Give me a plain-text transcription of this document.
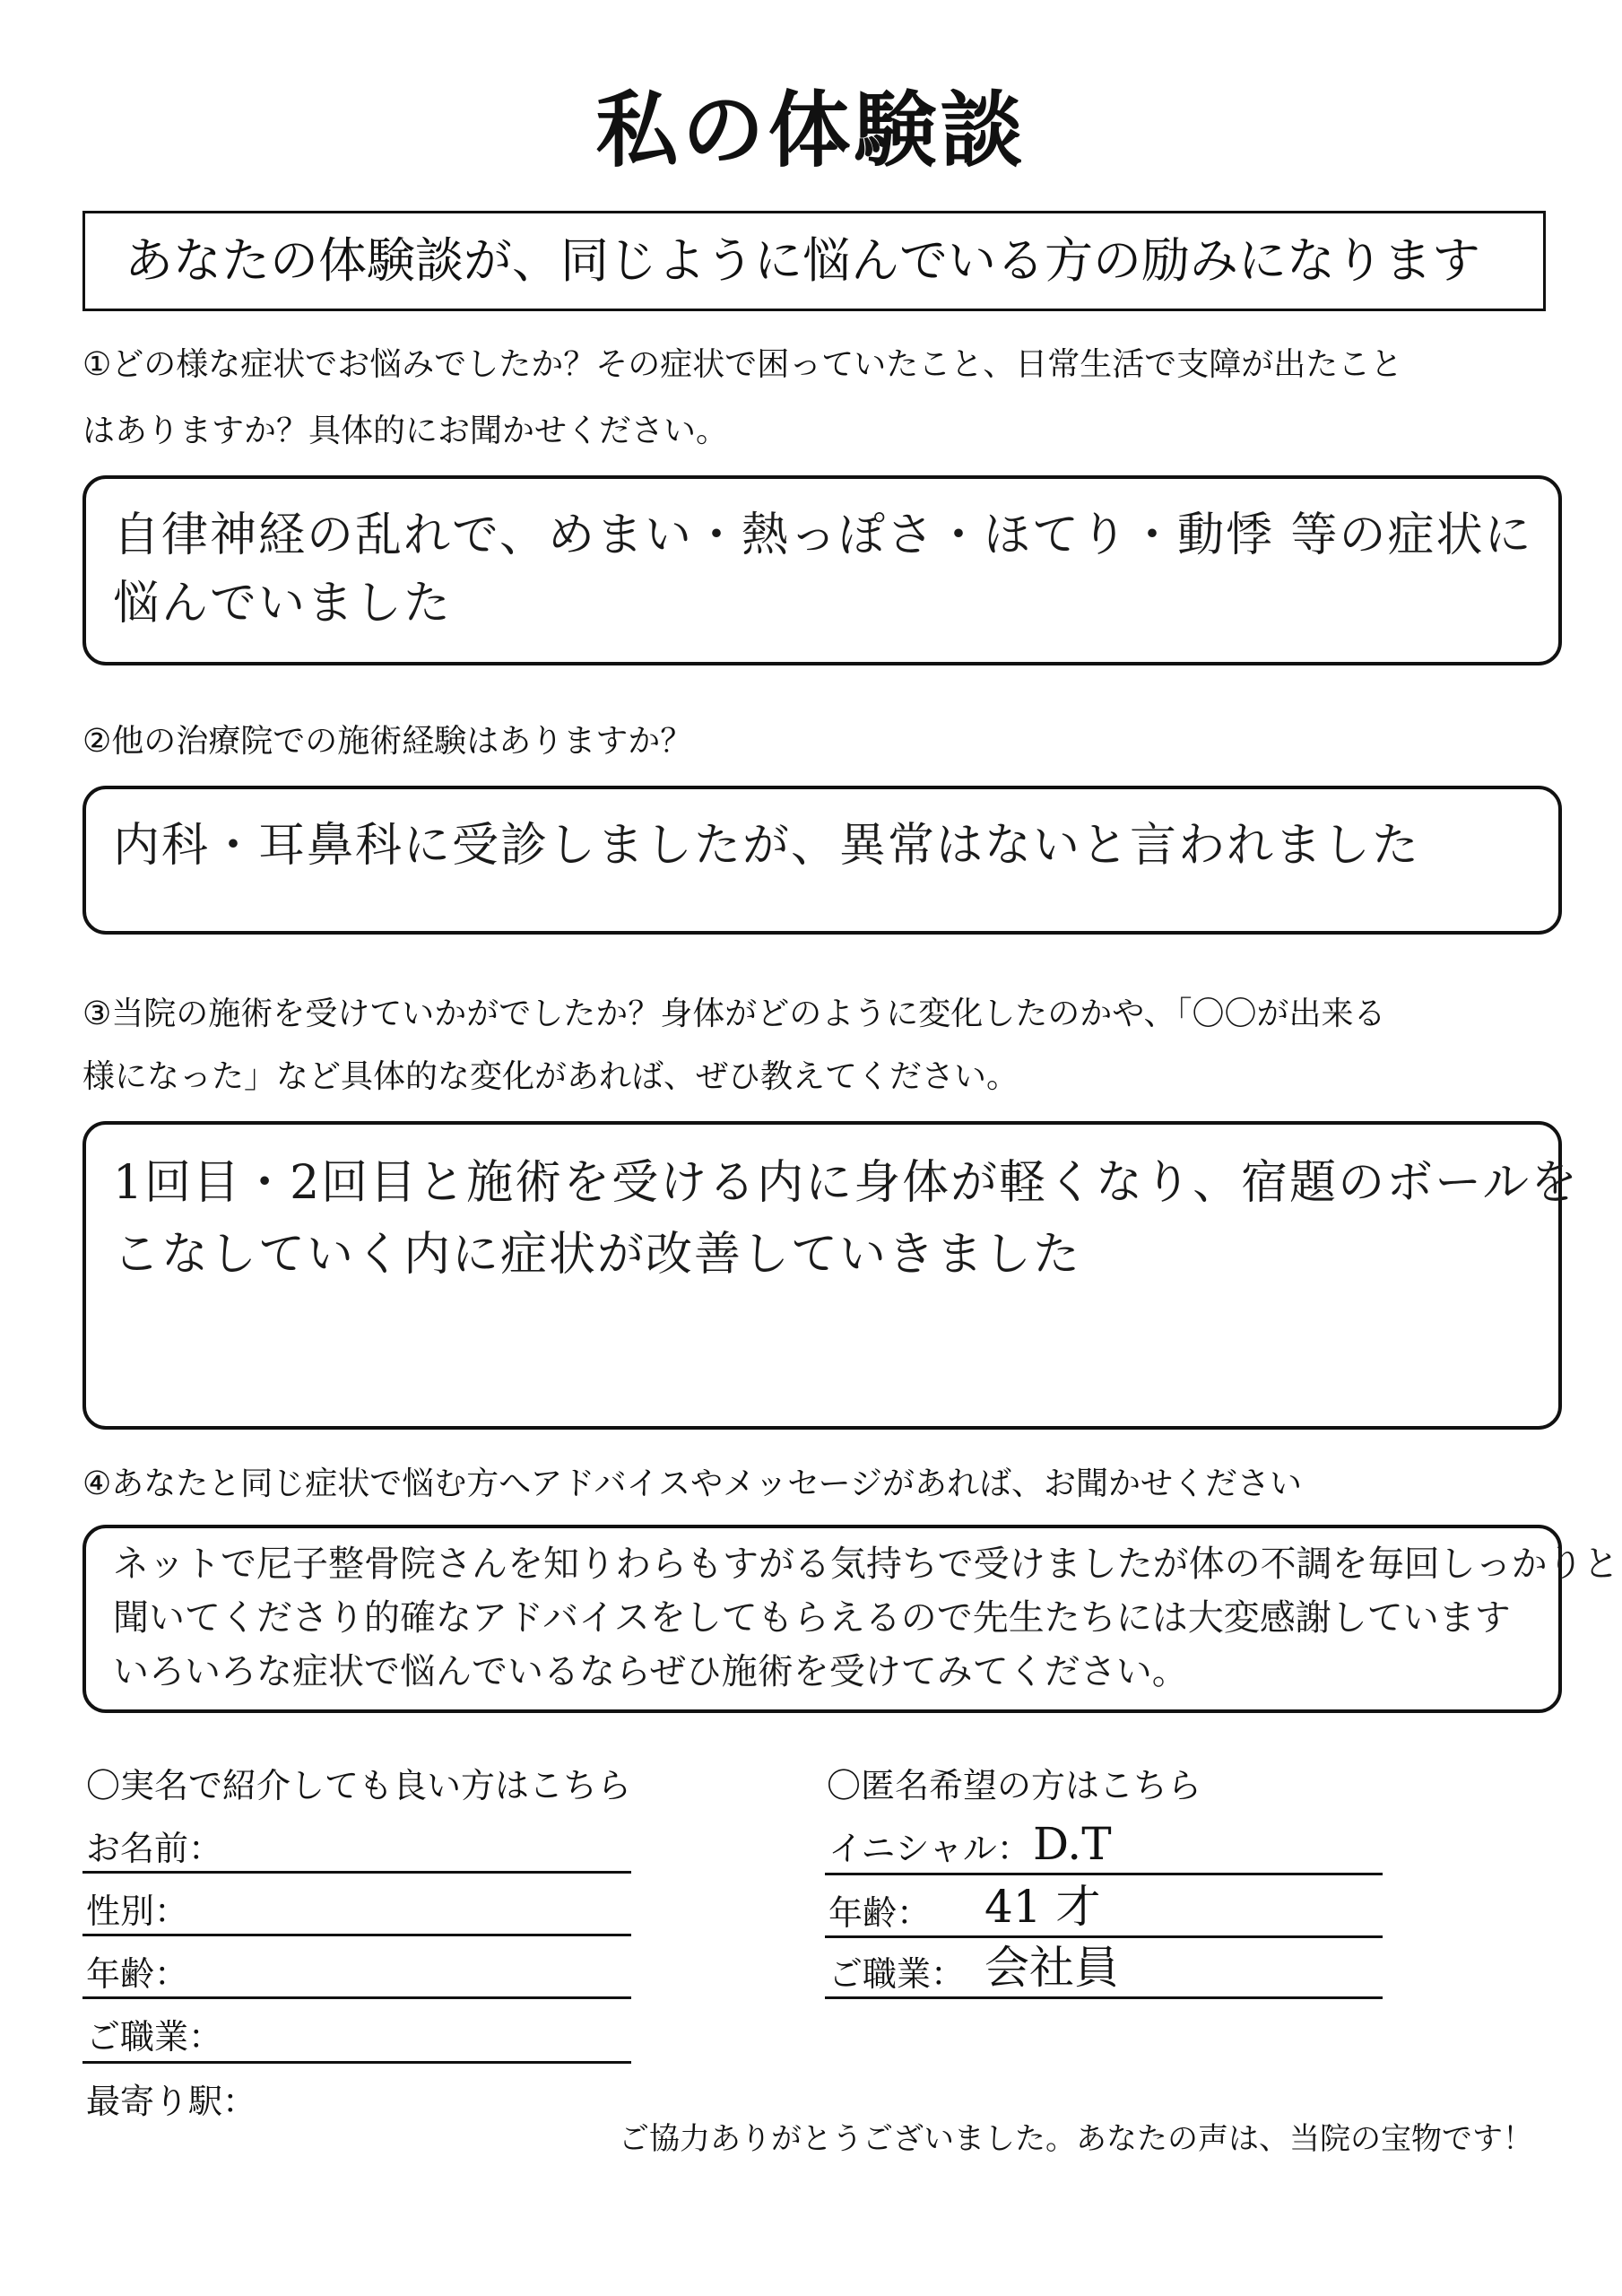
私の体験談
あなたの体験談が、同じように悩んでいる方の励みになります
①どの様な症状でお悩みでしたか？その症状で困っていたこと、日常生活で支障が出たこと
はありますか？具体的にお聞かせください。
自律神経の乱れで、めまい・熱っぽさ・ほてり・動悸 等の症状に
悩んでいました
②他の治療院での施術経験はありますか？
内科・耳鼻科に受診しましたが、異常はないと言われました
③当院の施術を受けていかがでしたか？身体がどのように変化したのかや、「〇〇が出来る
様になった」など具体的な変化があれば、ぜひ教えてください。
1回目・2回目と施術を受ける内に身体が軽くなり、宿題のボールを
こなしていく内に症状が改善していきました
④あなたと同じ症状で悩む方へアドバイスやメッセージがあれば、お聞かせください
ネットで尼子整骨院さんを知りわらもすがる気持ちで受けましたが体の不調を毎回しっかりと
聞いてくださり的確なアドバイスをしてもらえるので先生たちには大変感謝しています
いろいろな症状で悩んでいるならぜひ施術を受けてみてください。
〇実名で紹介しても良い方はこちら
お名前：
性別：
年齢：
ご職業：
最寄り駅：
〇匿名希望の方はこちら
イニシャル： D.T
年齢： 41 才
ご職業： 会社員
ご協力ありがとうございました。あなたの声は、当院の宝物です！
